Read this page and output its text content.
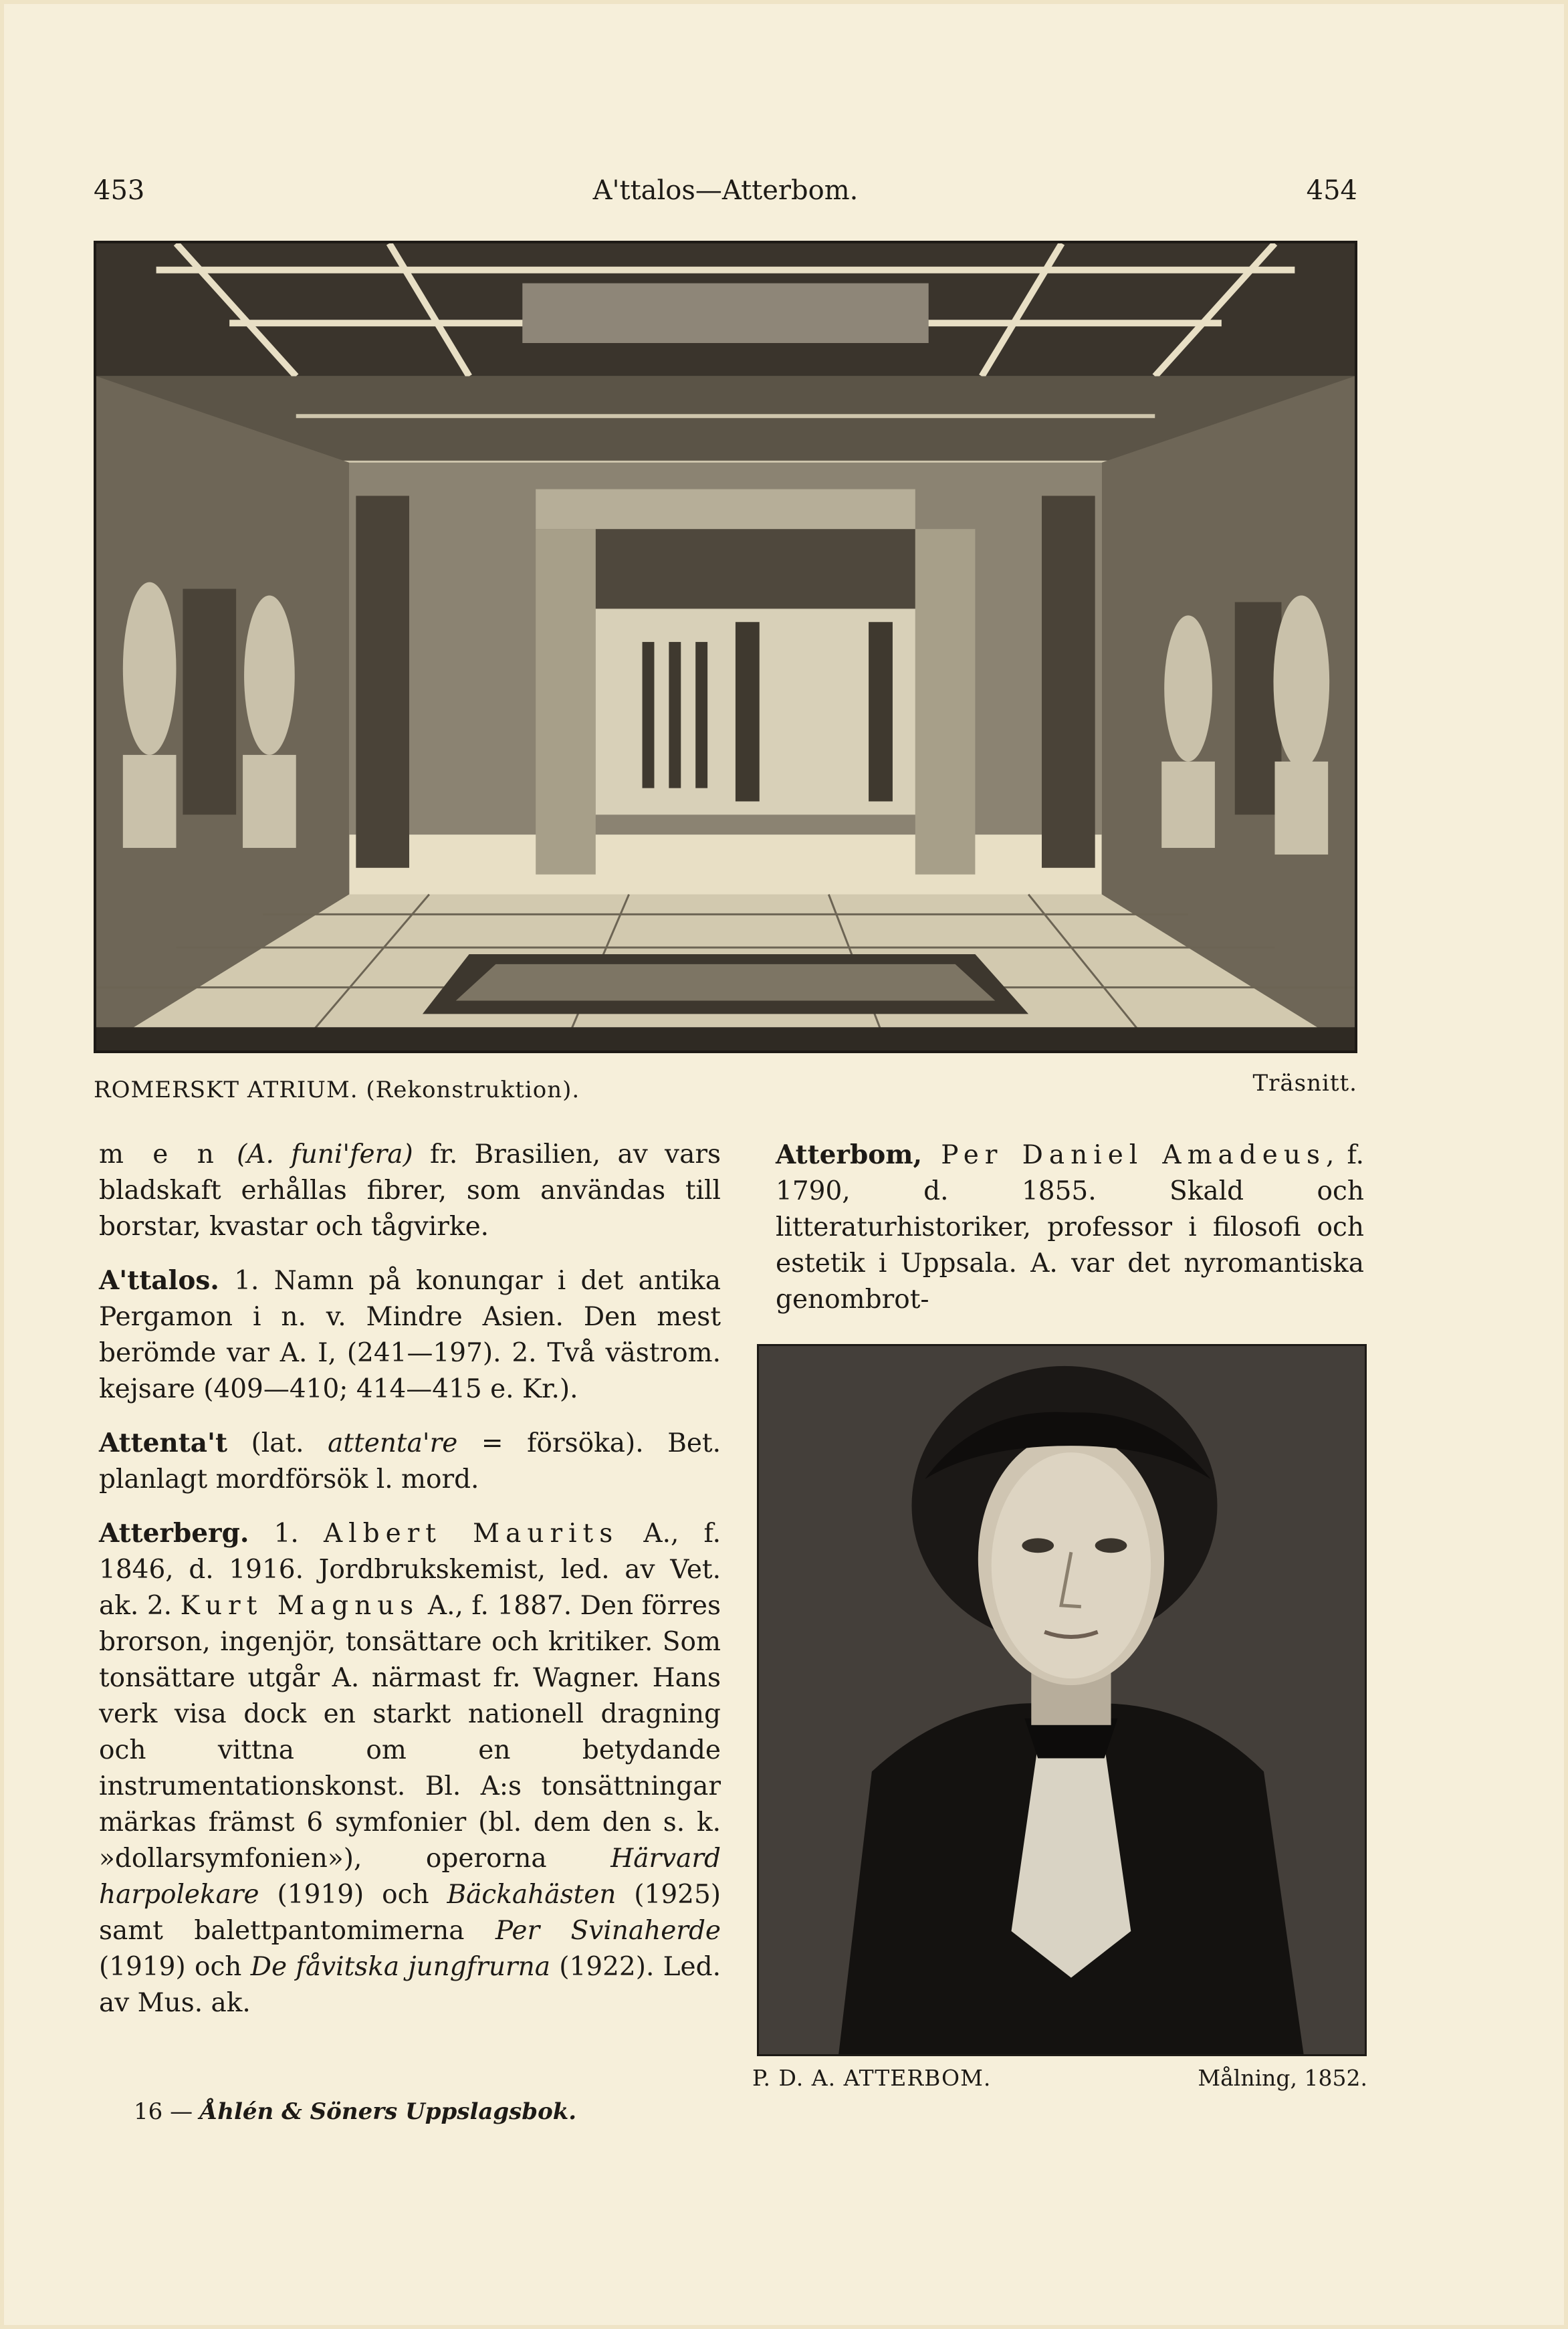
453	A'ttalos—Atterbom.	454
ROMERSKT ATRIUM. (Rekonstruktion).	Träsnitt.

m e n (A. funi'fera) fr. Brasilien, av vars bladskaft erhållas fibrer, som användas till borstar, kvastar och tågvirke.

A'ttalos. 1. Namn på konungar i det antika Pergamon i n. v. Mindre Asien. Den mest berömde var A. I, (241—197). 2. Två västrom. kejsare (409—410; 414—415 e. Kr.).

Attenta't (lat. attenta're = försöka). Bet. planlagt mordförsök l. mord.

Atterberg. 1. Albert Maurits A., f. 1846, d. 1916. Jordbrukskemist, led. av Vet. ak. 2. Kurt Magnus A., f. 1887. Den förres brorson, ingenjör, tonsättare och kritiker. Som tonsättare utgår A. närmast fr. Wagner. Hans verk visa dock en starkt nationell dragning och vittna om en betydande instrumentationskonst. Bl. A:s tonsättningar märkas främst 6 symfonier (bl. dem den s. k. »dollarsymfonien»), operorna Härvard harpolekare (1919) och Bäckahästen (1925) samt balettpantomimerna Per Svinaherde (1919) och De fåvitska jungfrurna (1922). Led. av Mus. ak.

Atterbom, Per Daniel Amadeus, f. 1790, d. 1855. Skald och litteraturhistoriker, professor i filosofi och estetik i Uppsala. A. var det nyromantiska genombrot-

P. D. A. ATTERBOM.	Målning, 1852.
16 — Åhlén & Söners Uppslagsbok.
